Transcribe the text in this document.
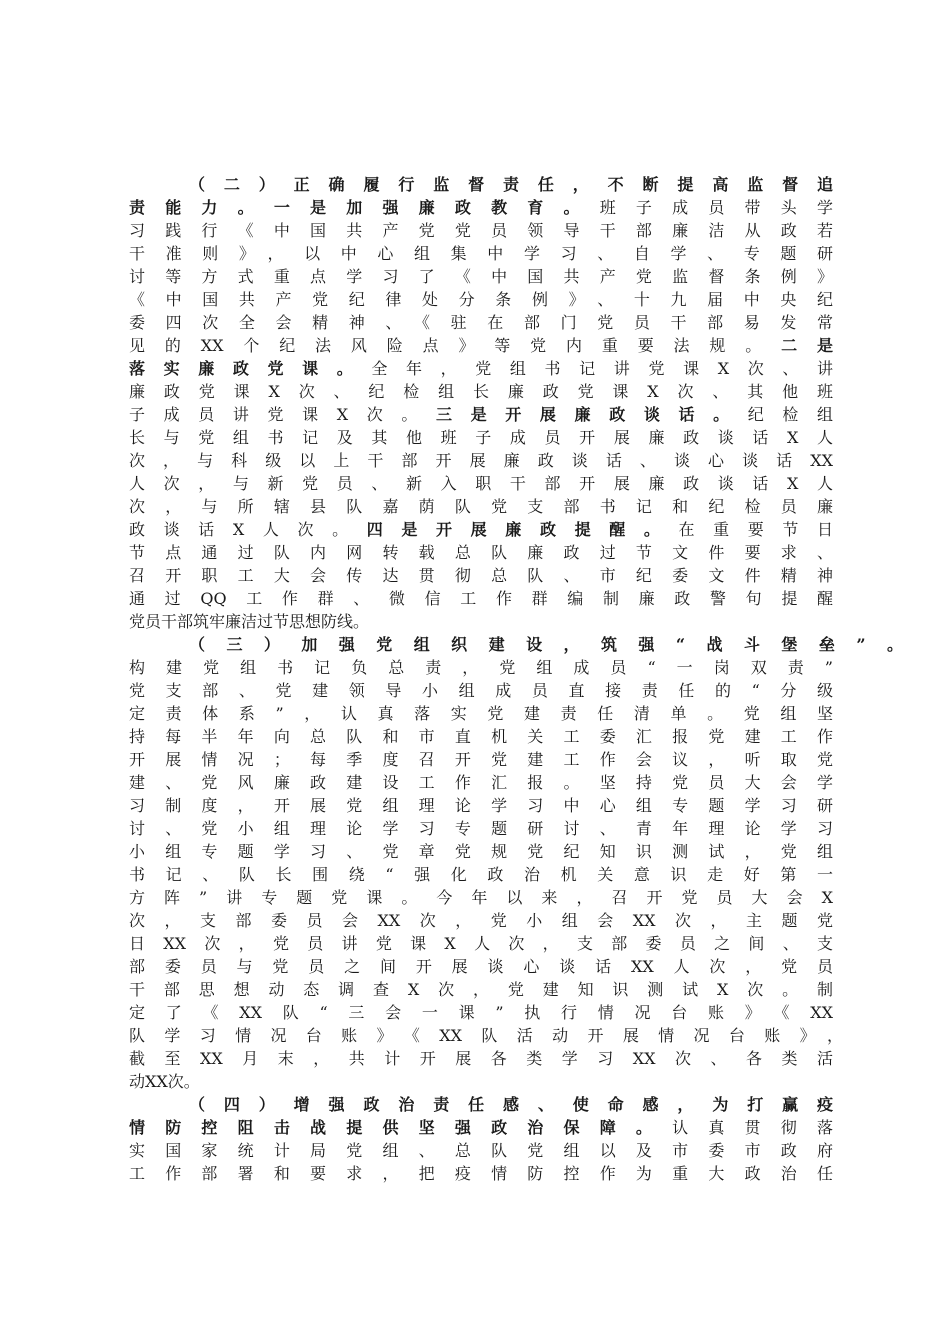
（二）正确履行监督责任，不断提高监督追
责能力。一是加强廉政教育。班子成员带头学
习践行《中国共产党党员领导干部廉洁从政若
干准则》，以中心组集中学习、自学、专题研
讨等方式重点学习了《中国共产党监督条例》
《中国共产党纪律处分条例》、十九届中央纪
委四次全会精神、《驻在部门党员干部易发常
见的XX个纪法风险点》等党内重要法规。二是
落实廉政党课。全年，党组书记讲党课X次、讲
廉政党课X次、纪检组长廉政党课X次、其他班
子成员讲党课X次。三是开展廉政谈话。纪检组
长与党组书记及其他班子成员开展廉政谈话X人
次，与科级以上干部开展廉政谈话、谈心谈话XX
人次，与新党员、新入职干部开展廉政谈话X人
次，与所辖县队嘉荫队党支部书记和纪检员廉
政谈话X人次。四是开展廉政提醒。在重要节日
节点通过队内网转载总队廉政过节文件要求、
召开职工大会传达贯彻总队、市纪委文件精神
通过QQ工作群、微信工作群编制廉政警句提醒
党员干部筑牢廉洁过节思想防线。
（三）加强党组织建设，筑强“战斗堡垒”。
构建党组书记负总责，党组成员“一岗双责”
党支部、党建领导小组成员直接责任的“分级
定责体系”，认真落实党建责任清单。党组坚
持每半年向总队和市直机关工委汇报党建工作
开展情况；每季度召开党建工作会议，听取党
建、党风廉政建设工作汇报。坚持党员大会学
习制度，开展党组理论学习中心组专题学习研
讨、党小组理论学习专题研讨、青年理论学习
小组专题学习、党章党规党纪知识测试，党组
书记、队长围绕“强化政治机关意识走好第一
方阵”讲专题党课。今年以来，召开党员大会X
次，支部委员会XX次，党小组会XX次，主题党
日XX次，党员讲党课X人次，支部委员之间、支
部委员与党员之间开展谈心谈话XX人次，党员
干部思想动态调查X次，党建知识测试X次。制
定了《XX队“三会一课”执行情况台账》《XX
队学习情况台账》《XX队活动开展情况台账》，
截至XX月末，共计开展各类学习XX次、各类活
动XX次。
（四）增强政治责任感、使命感，为打赢疫
情防控阻击战提供坚强政治保障。认真贯彻落
实国家统计局党组、总队党组以及市委市政府
工作部署和要求，把疫情防控作为重大政治任
